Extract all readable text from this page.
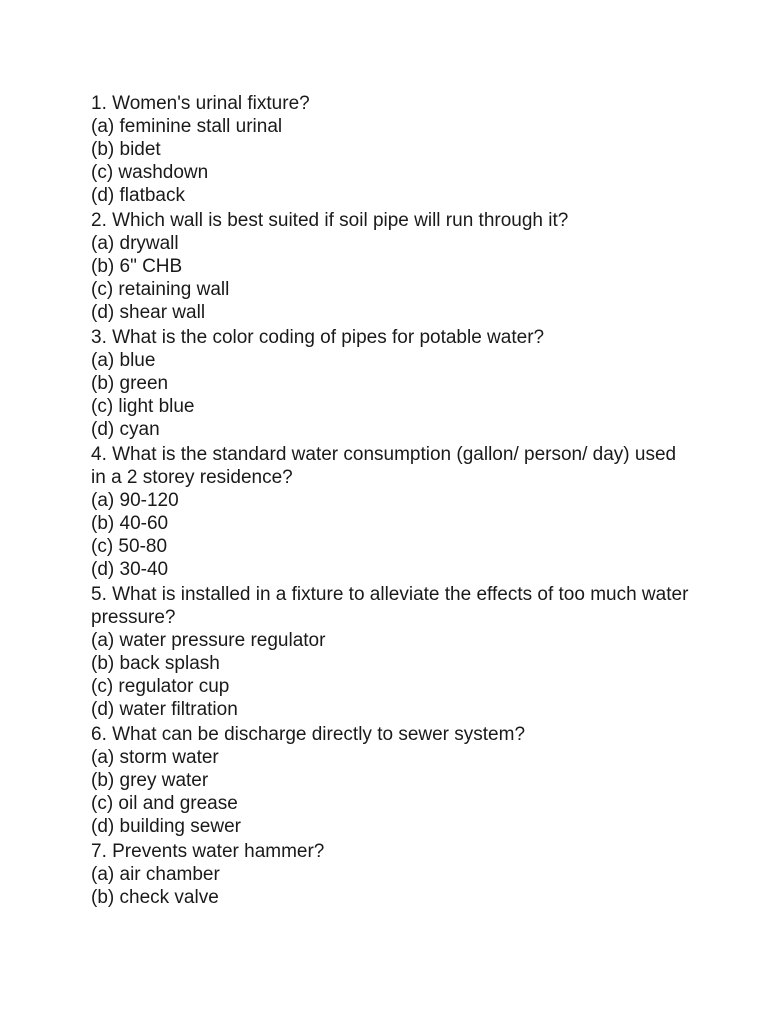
1. Women's urinal fixture?
(a) feminine stall urinal
(b) bidet
(c) washdown
(d) flatback
2. Which wall is best suited if soil pipe will run through it?
(a) drywall
(b) 6" CHB
(c) retaining wall
(d) shear wall
3. What is the color coding of pipes for potable water?
(a) blue
(b) green
(c) light blue
(d) cyan
4. What is the standard water consumption (gallon/ person/ day) used in a 2 storey residence?
(a) 90-120
(b) 40-60
(c) 50-80
(d) 30-40
5. What is installed in a fixture to alleviate the effects of too much water pressure?
(a) water pressure regulator
(b) back splash
(c) regulator cup
(d) water filtration
6. What can be discharge directly to sewer system?
(a) storm water
(b) grey water
(c) oil and grease
(d) building sewer
7. Prevents water hammer?
(a) air chamber
(b) check valve
